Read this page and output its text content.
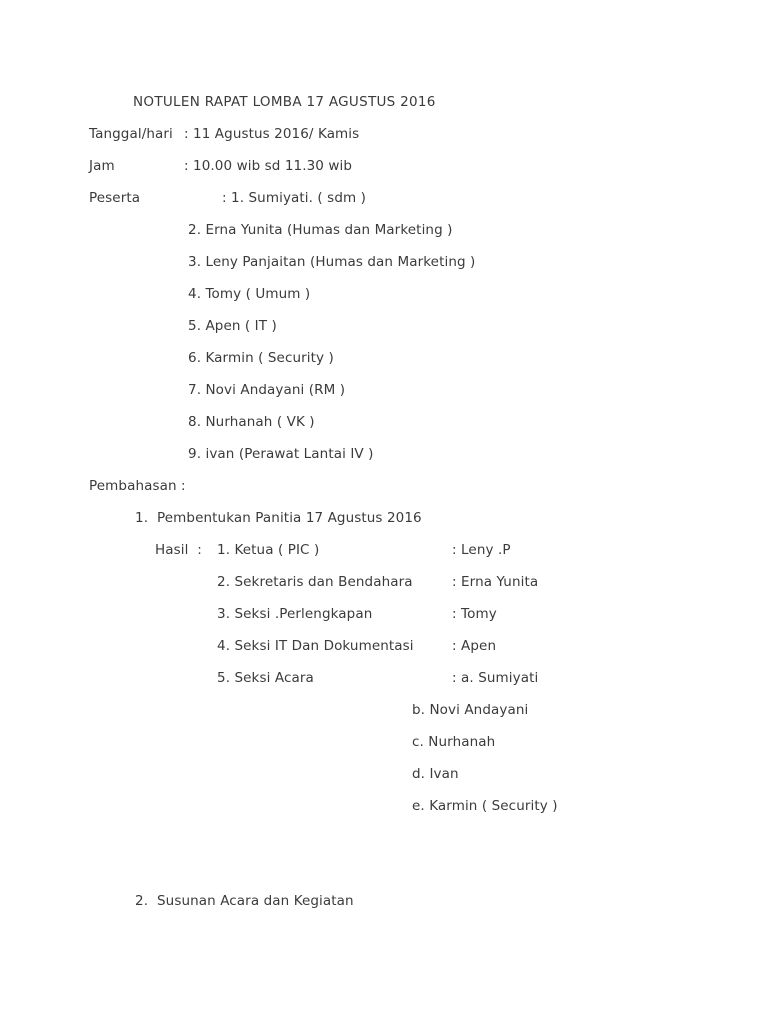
NOTULEN RAPAT LOMBA 17 AGUSTUS 2016
Tanggal/hari : 11 Agustus 2016/ Kamis
Jam	: 10.00 wib sd 11.30 wib
Peserta	: 1. Sumiyati. ( sdm )
2. Erna Yunita (Humas dan Marketing )
3. Leny Panjaitan (Humas dan Marketing )
4. Tomy ( Umum )
5. Apen ( IT )
6. Karmin ( Security )
7. Novi Andayani (RM )
8. Nurhanah ( VK )
9. ivan (Perawat Lantai IV )
Pembahasan :
1. Pembentukan Panitia 17 Agustus 2016
Hasil  : 1. Ketua ( PIC )	: Leny .P
2. Sekretaris dan Bendahara	: Erna Yunita
3. Seksi .Perlengkapan	: Tomy
4. Seksi IT Dan Dokumentasi	: Apen
5. Seksi Acara	: a. Sumiyati
b. Novi Andayani
c. Nurhanah
d. Ivan
e. Karmin ( Security )
2. Susunan Acara dan Kegiatan
